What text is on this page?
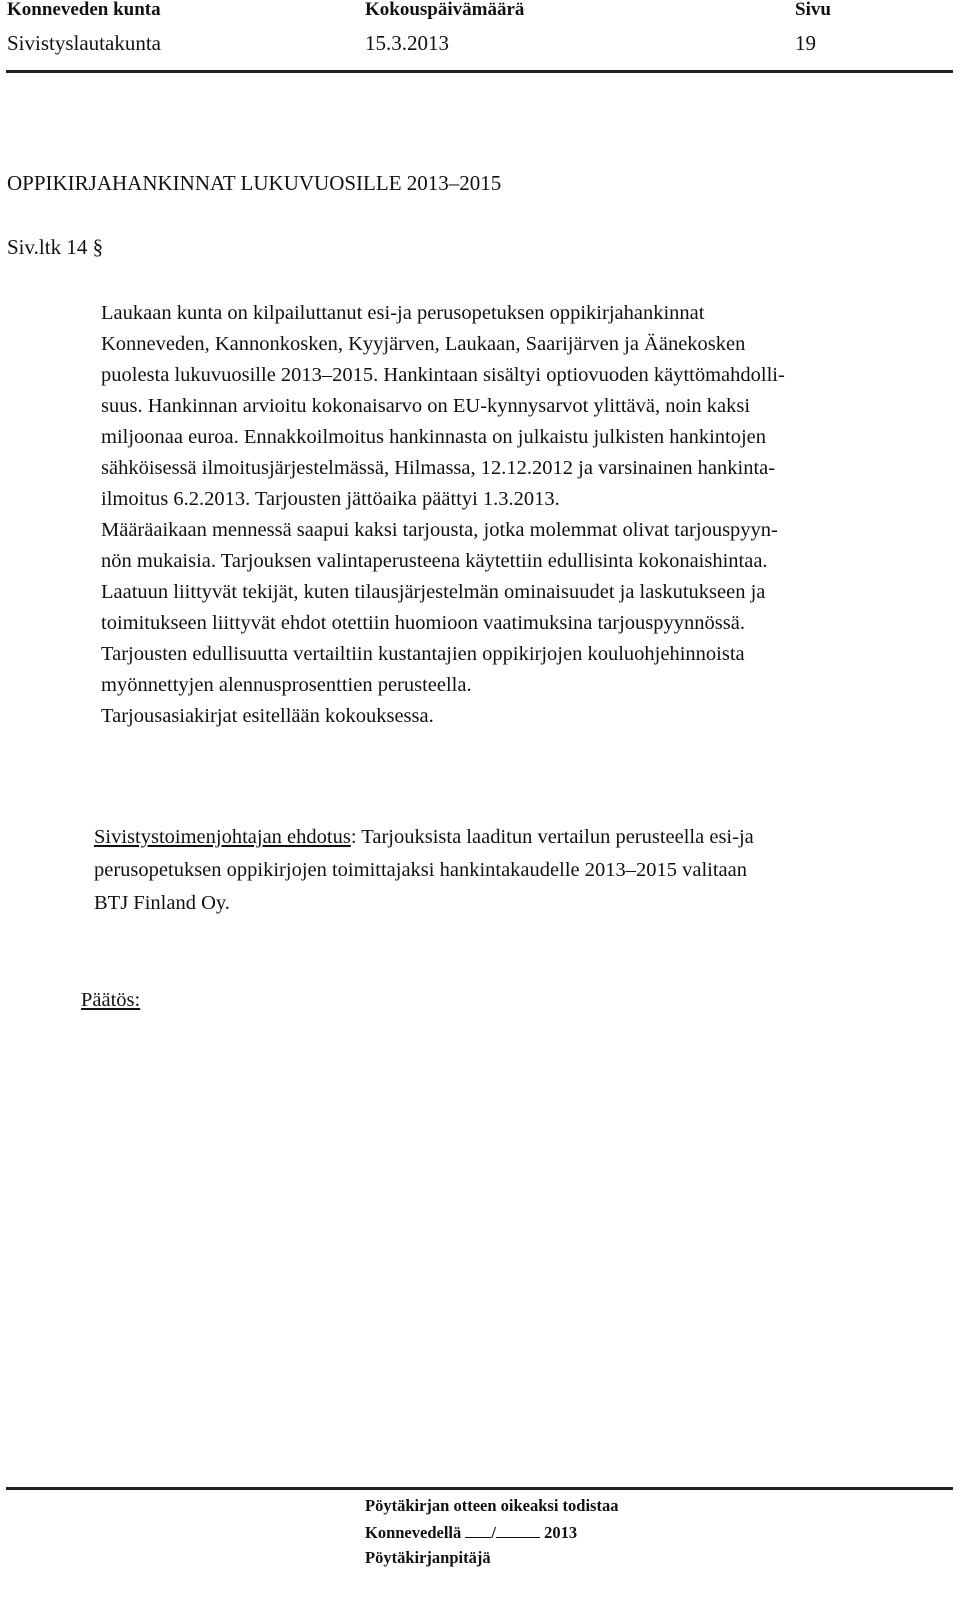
Konneveden kunta
Sivistyslautakunta
Kokouspäivämäärä
15.3.2013
Sivu
19
OPPIKIRJAHANKINNAT LUKUVUOSILLE 2013–2015
Siv.ltk 14 §
Laukaan kunta on kilpailuttanut esi-ja perusopetuksen oppikirjahankinnat
Konneveden, Kannonkosken, Kyyjärven, Laukaan, Saarijärven ja Äänekosken
puolesta lukuvuosille 2013–2015. Hankintaan sisältyi optiovuoden käyttömahdolli-
suus. Hankinnan arvioitu kokonaisarvo on EU-kynnysarvot ylittävä, noin kaksi
miljoonaa euroa. Ennakkoilmoitus hankinnasta on julkaistu julkisten hankintojen
sähköisessä ilmoitusjärjestelmässä, Hilmassa, 12.12.2012 ja varsinainen hankinta-
ilmoitus 6.2.2013. Tarjousten jättöaika päättyi 1.3.2013.
Määräaikaan mennessä saapui kaksi tarjousta, jotka molemmat olivat tarjouspyyn-
nön mukaisia. Tarjouksen valintaperusteena käytettiin edullisinta kokonaishintaa.
Laatuun liittyvät tekijät, kuten tilausjärjestelmän ominaisuudet ja laskutukseen ja
toimitukseen liittyvät ehdot otettiin huomioon vaatimuksina tarjouspyynnössä.
Tarjousten edullisuutta vertailtiin kustantajien oppikirjojen kouluohjehinnoista
myönnettyjen alennusprosenttien perusteella.
Tarjousasiakirjat esitellään kokouksessa.
Sivistystoimenjohtajan ehdotus: Tarjouksista laaditun vertailun perusteella esi-ja
perusopetuksen oppikirjojen toimittajaksi hankintakaudelle 2013–2015 valitaan
BTJ Finland Oy.
Päätös:
Pöytäkirjan otteen oikeaksi todistaa
Konnevedellä /	2013
Pöytäkirjanpitäjä
